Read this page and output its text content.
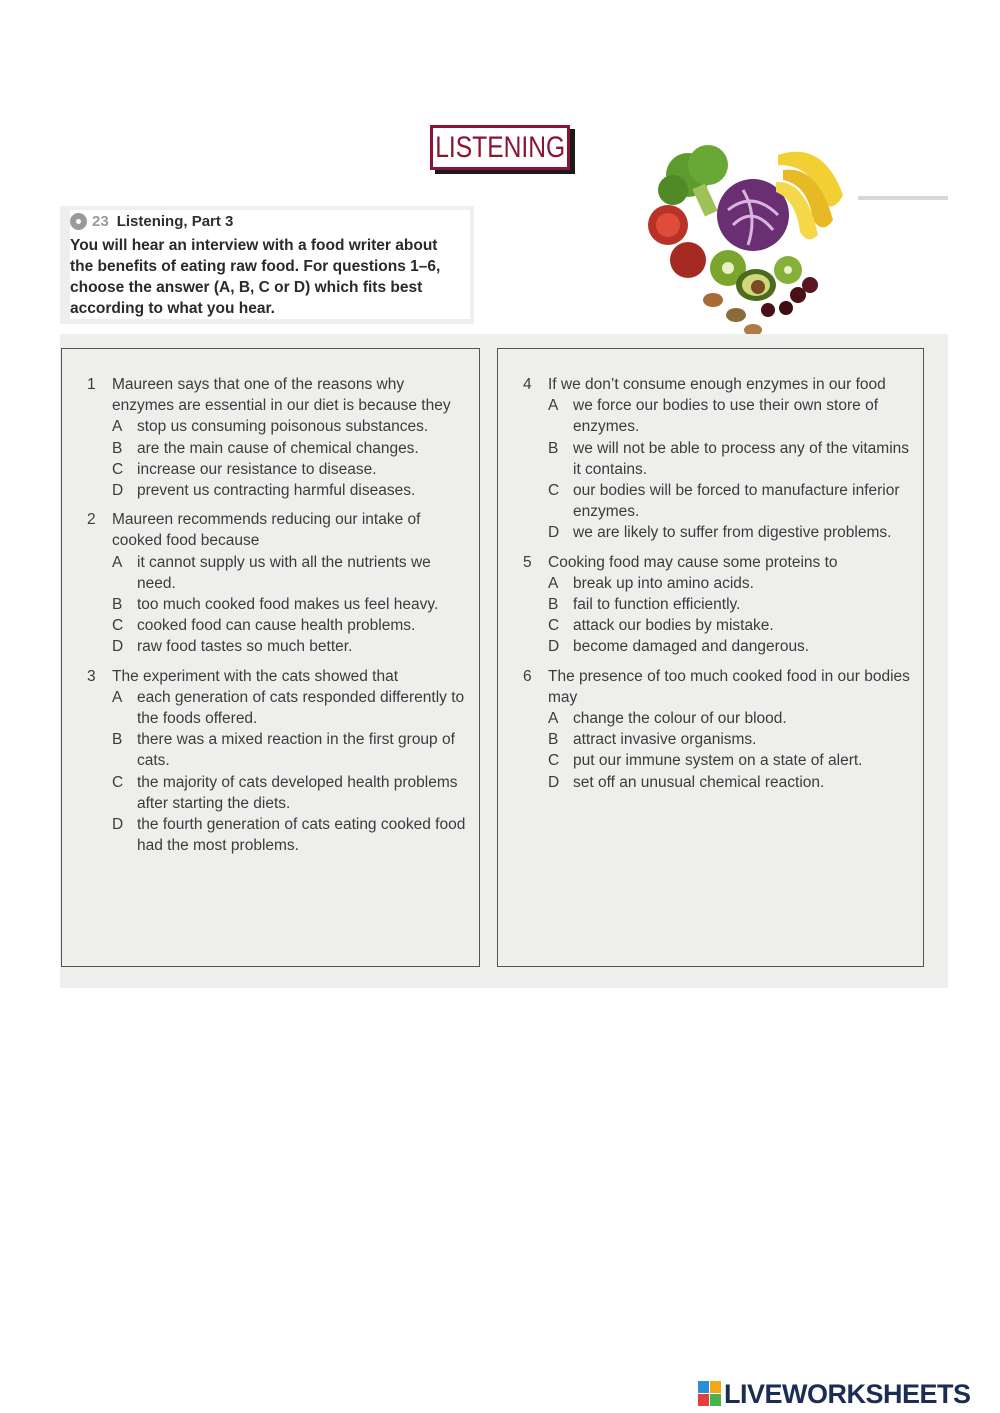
LISTENING
23 Listening, Part 3
You will hear an interview with a food writer about the benefits of eating raw food. For questions 1–6, choose the answer (A, B, C or D) which fits best according to what you hear.
1	Maureen says that one of the reasons why enzymes are essential in our diet is because they
A stop us consuming poisonous substances.
B are the main cause of chemical changes.
C increase our resistance to disease.
D prevent us contracting harmful diseases.
2	Maureen recommends reducing our intake of cooked food because
A it cannot supply us with all the nutrients we need.
B too much cooked food makes us feel heavy.
C cooked food can cause health problems.
D raw food tastes so much better.
3	The experiment with the cats showed that
A each generation of cats responded differently to the foods offered.
B there was a mixed reaction in the first group of cats.
C the majority of cats developed health problems after starting the diets.
D the fourth generation of cats eating cooked food had the most problems.
4	If we don’t consume enough enzymes in our food
A we force our bodies to use their own store of enzymes.
B we will not be able to process any of the vitamins it contains.
C our bodies will be forced to manufacture inferior enzymes.
D we are likely to suffer from digestive problems.
5	Cooking food may cause some proteins to
A break up into amino acids.
B fail to function efficiently.
C attack our bodies by mistake.
D become damaged and dangerous.
6	The presence of too much cooked food in our bodies may
A change the colour of our blood.
B attract invasive organisms.
C put our immune system on a state of alert.
D set off an unusual chemical reaction.
LIVEWORKSHEETS
